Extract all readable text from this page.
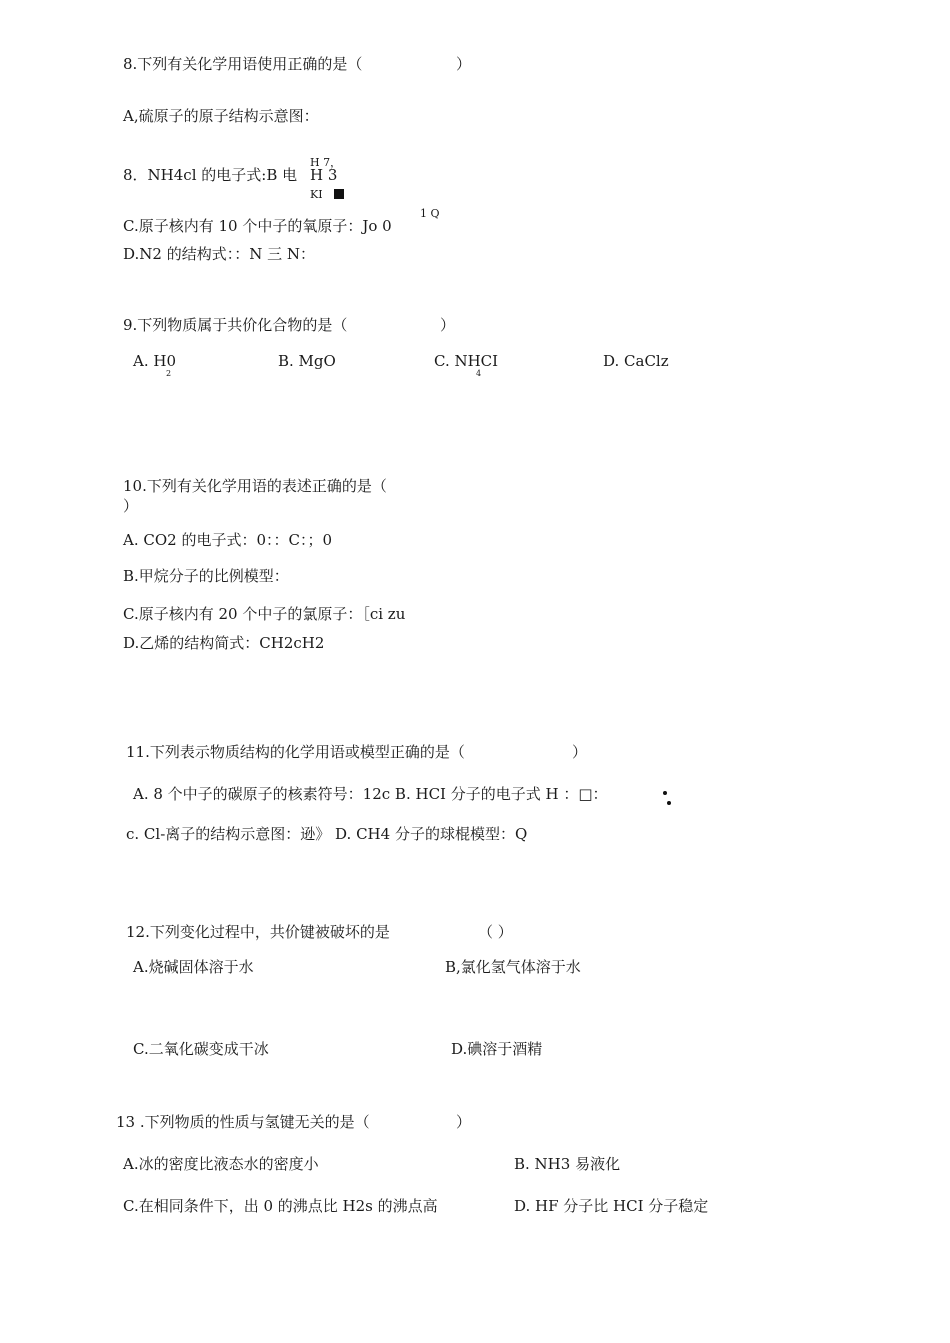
8.下列有关化学用语使用正确的是（	）
A,硫原子的原子结构示意图：
H 7，
8．NH4cl 的电子式:B 电 H 3
KI
1 Q
C.原子核内有 10 个中子的氧原子：Jo 0
D.N2 的结构式：：N 三 N：
9.下列物质属于共价化合物的是（	）
A. H0
2
B. MgO	C. NHCI
4
D. CaClz
10.下列有关化学用语的表述正确的是（
）
A. CO2 的电子式：0：：C：；0
B.甲烷分子的比例模型：
C.原子核内有 20 个中子的氯原子：［ci zu
D.乙烯的结构简式：CH2cH2
11.下列表示物质结构的化学用语或模型正确的是（	）
A. 8 个中子的碳原子的核素符号：12c B. HCI 分子的电子式 H ：□：
c. Cl-离子的结构示意图：逊》 D. CH4 分子的球棍模型：Q
12.下列变化过程中，共价键被破坏的是	（ ）
A.烧碱固体溶于水	B,氯化氢气体溶于水
C.二氧化碳变成干冰	D.碘溶于酒精
13 .下列物质的性质与氢键无关的是（	）
A.冰的密度比液态水的密度小	B. NH3 易液化
C.在相同条件下，出 0 的沸点比 H2s 的沸点高	D. HF 分子比 HCI 分子稳定
